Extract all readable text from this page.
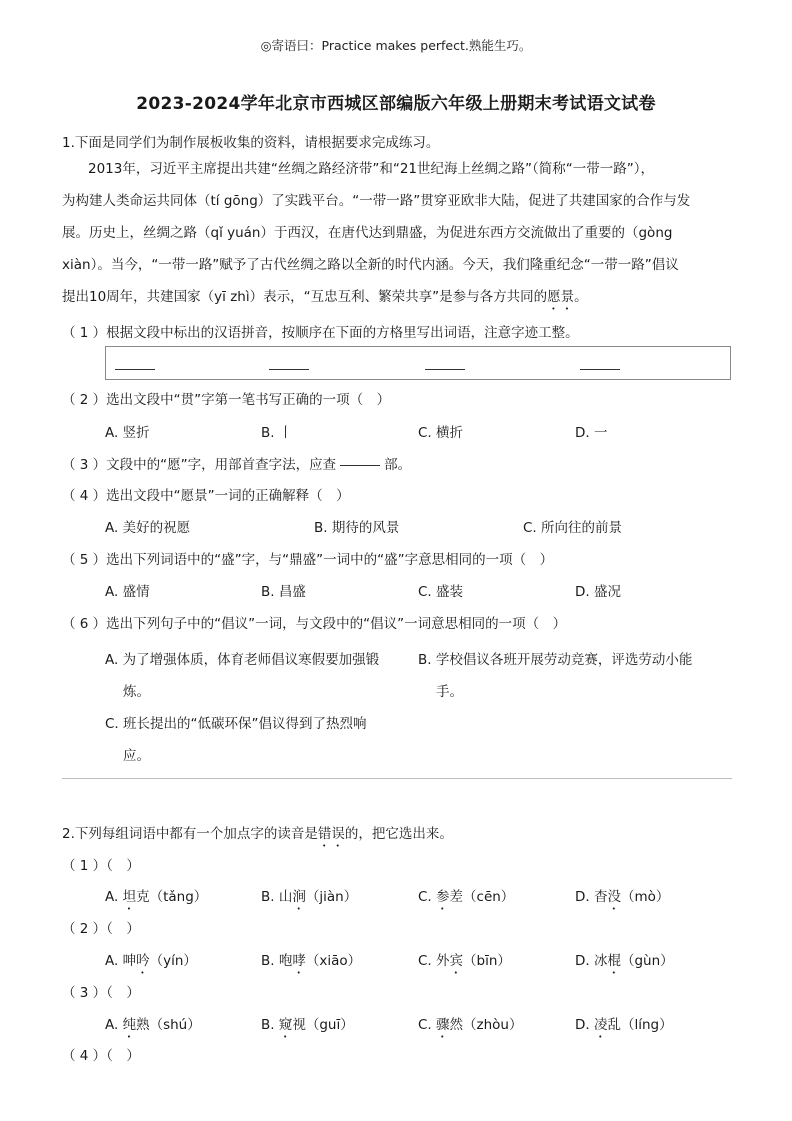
◎寄语曰：Practice makes perfect.熟能生巧。
2023-2024学年北京市西城区部编版六年级上册期末考试语文试卷
1.下面是同学们为制作展板收集的资料，请根据要求完成练习。
2013年，习近平主席提出共建“丝绸之路经济带”和“21世纪海上丝绸之路”（简称“一带一路”），
为构建人类命运共同体（tí gōng）了实践平台。“一带一路”贯穿亚欧非大陆，促进了共建国家的合作与发
展。历史上，丝绸之路（qǐ yuán）于西汉，在唐代达到鼎盛，为促进东西方交流做出了重要的（gòng
xiàn）。当今，“一带一路”赋予了古代丝绸之路以全新的时代内涵。今天，我们隆重纪念“一带一路”倡议
提出10周年，共建国家（yī zhì）表示，“互忠互利、繁荣共享”是参与各方共同的愿景。
（ 1 ）根据文段中标出的汉语拼音，按顺序在下面的方格里写出词语，注意字迹工整。
（ 2 ）选出文段中“贯”字第一笔书写正确的一项（　）
A. 竖折	B. 丨	C. 横折	D. 一
（ 3 ）文段中的“愿”字，用部首查字法，应查	部。
（ 4 ）选出文段中“愿景”一词的正确解释（　）
A. 美好的祝愿	B. 期待的风景	C. 所向往的前景
（ 5 ）选出下列词语中的“盛”字，与“鼎盛”一词中的“盛”字意思相同的一项（　）
A. 盛情	B. 昌盛	C. 盛装	D. 盛况
（ 6 ）选出下列句子中的“倡议”一词，与文段中的“倡议”一词意思相同的一项（　）
A. 为了增强体质，体育老师倡议寒假要加强锻
炼。
B. 学校倡议各班开展劳动竞赛，评选劳动小能
手。
C. 班长提出的“低碳环保”倡议得到了热烈响
应。
2.下列每组词语中都有一个加点字的读音是错误的，把它选出来。
（ 1 ）（　）
A. 坦克（tǎng）	B. 山涧（jiàn）	C. 参差（cēn）	D. 杳没（mò）
（ 2 ）（　）
A. 呻吟（yín）	B. 咆哮（xiāo）	C. 外宾（bīn）	D. 冰棍（gùn）
（ 3 ）（　）
A. 纯熟（shú）	B. 窥视（guī）	C. 骤然（zhòu）	D. 凌乱（líng）
（ 4 ）（　）
